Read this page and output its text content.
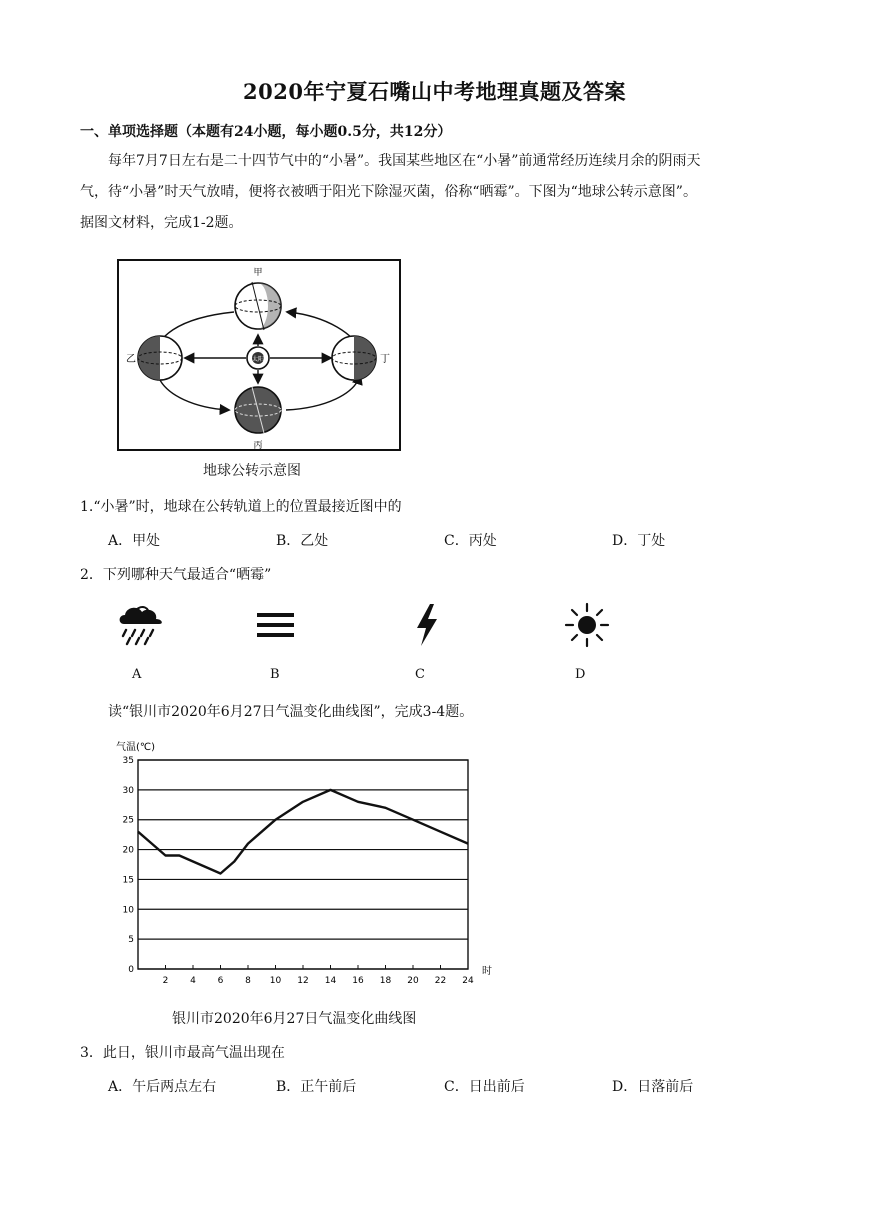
2020年宁夏石嘴山中考地理真题及答案
一、单项选择题（本题有24小题，每小题0.5分，共12分）
每年7月7日左右是二十四节气中的“小暑”。我国某些地区在“小暑”前通常经历连续月余的阴雨天
气，待“小暑”时天气放晴，便将衣被晒于阳光下除湿灭菌，俗称“晒霉”。下图为“地球公转示意图”。
据图文材料，完成1-2题。
甲
乙	丁
丙
太阳
地球公转示意图
1.“小暑”时，地球在公转轨道上的位置最接近图中的
A．甲处	B．乙处	C．丙处	D．丁处
2．下列哪种天气最适合“晒霉”
A	B	C	D
读“银川市2020年6月27日气温变化曲线图”，完成3-4题。
气温(℃)
时
0
5
10
15
20
25
30
35
2 4 6 8 10 12 14 16 18 20 22 24
银川市2020年6月27日气温变化曲线图
3．此日，银川市最高气温出现在
A．午后两点左右	B．正午前后	C．日出前后	D．日落前后
